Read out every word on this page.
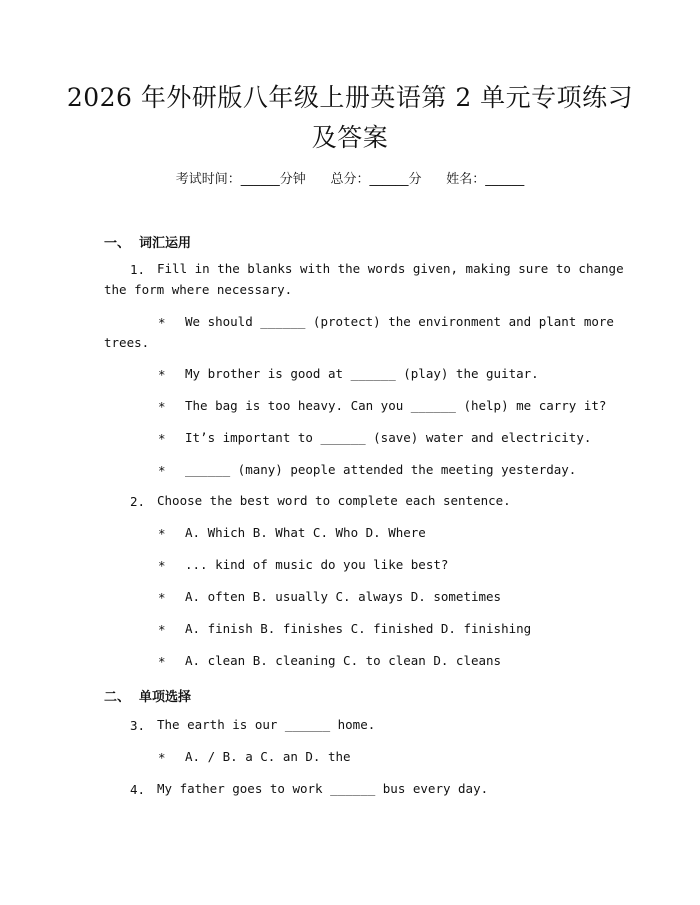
2026 年外研版八年级上册英语第 2 单元专项练习及答案
考试时间：______分钟      总分：______分      姓名：______
一、  词汇运用
1. Fill in the blanks with the words given, making sure to change
the form where necessary.
* We should ______ (protect) the environment and plant more
trees.
* My brother is good at ______ (play) the guitar.
* The bag is too heavy. Can you ______ (help) me carry it?
* It’s important to ______ (save) water and electricity.
* ______ (many) people attended the meeting yesterday.
2. Choose the best word to complete each sentence.
* A. Which B. What C. Who D. Where
* ... kind of music do you like best?
* A. often B. usually C. always D. sometimes
* A. finish B. finishes C. finished D. finishing
* A. clean B. cleaning C. to clean D. cleans
二、  单项选择
3. The earth is our ______ home.
* A. / B. a C. an D. the
4. My father goes to work ______ bus every day.
